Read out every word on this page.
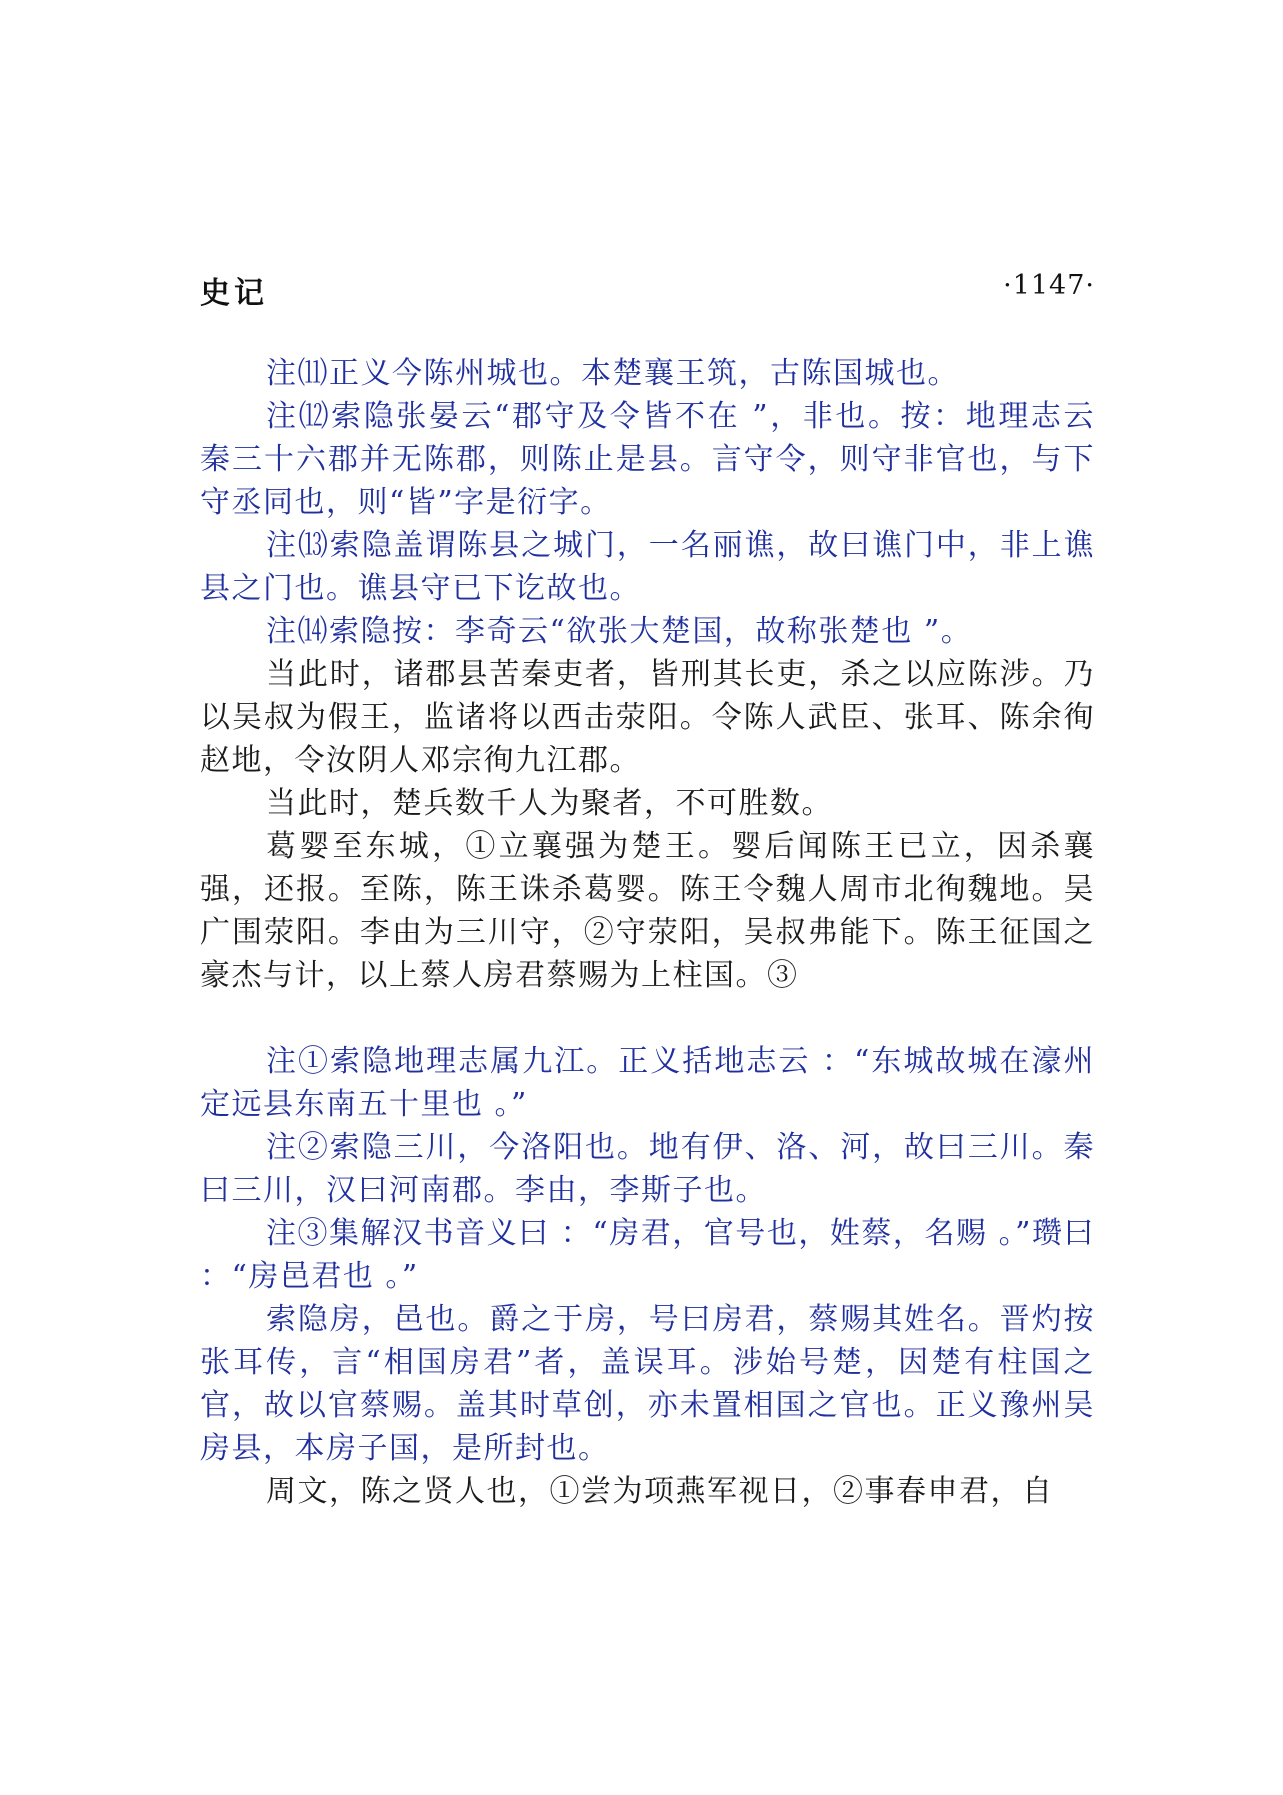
史记	·1147·

注⑾正义今陈州城也。本楚襄王筑，古陈国城也。

注⑿索隐张晏云“郡守及令皆不在 ”，非也。按：地理志云秦三十六郡并无陈郡，则陈止是县。言守令，则守非官也，与下守丞同也，则“皆”字是衍字。

注⒀索隐盖谓陈县之城门，一名丽谯，故曰谯门中，非上谯县之门也。谯县守已下讫故也。

注⒁索隐按：李奇云“欲张大楚国，故称张楚也 ”。

当此时，诸郡县苦秦吏者，皆刑其长吏，杀之以应陈涉。乃以吴叔为假王，监诸将以西击荥阳。令陈人武臣、张耳、陈余徇赵地，令汝阴人邓宗徇九江郡。

当此时，楚兵数千人为聚者，不可胜数。

葛婴至东城，①立襄强为楚王。婴后闻陈王已立，因杀襄强，还报。至陈，陈王诛杀葛婴。陈王令魏人周市北徇魏地。吴广围荥阳。李由为三川守，②守荥阳，吴叔弗能下。陈王征国之豪杰与计，以上蔡人房君蔡赐为上柱国。③

注①索隐地理志属九江。正义括地志云 ：“东城故城在濠州定远县东南五十里也 。”

注②索隐三川，今洛阳也。地有伊、洛、河，故曰三川。秦曰三川，汉曰河南郡。李由，李斯子也。

注③集解汉书音义曰 ：“房君，官号也，姓蔡，名赐 。”瓒曰 ：“房邑君也 。”

索隐房，邑也。爵之于房，号曰房君，蔡赐其姓名。晋灼按张耳传，言“相国房君”者，盖误耳。涉始号楚，因楚有柱国之官，故以官蔡赐。盖其时草创，亦未置相国之官也。正义豫州吴房县，本房子国，是所封也。

周文，陈之贤人也，①尝为项燕军视日，②事春申君，自
